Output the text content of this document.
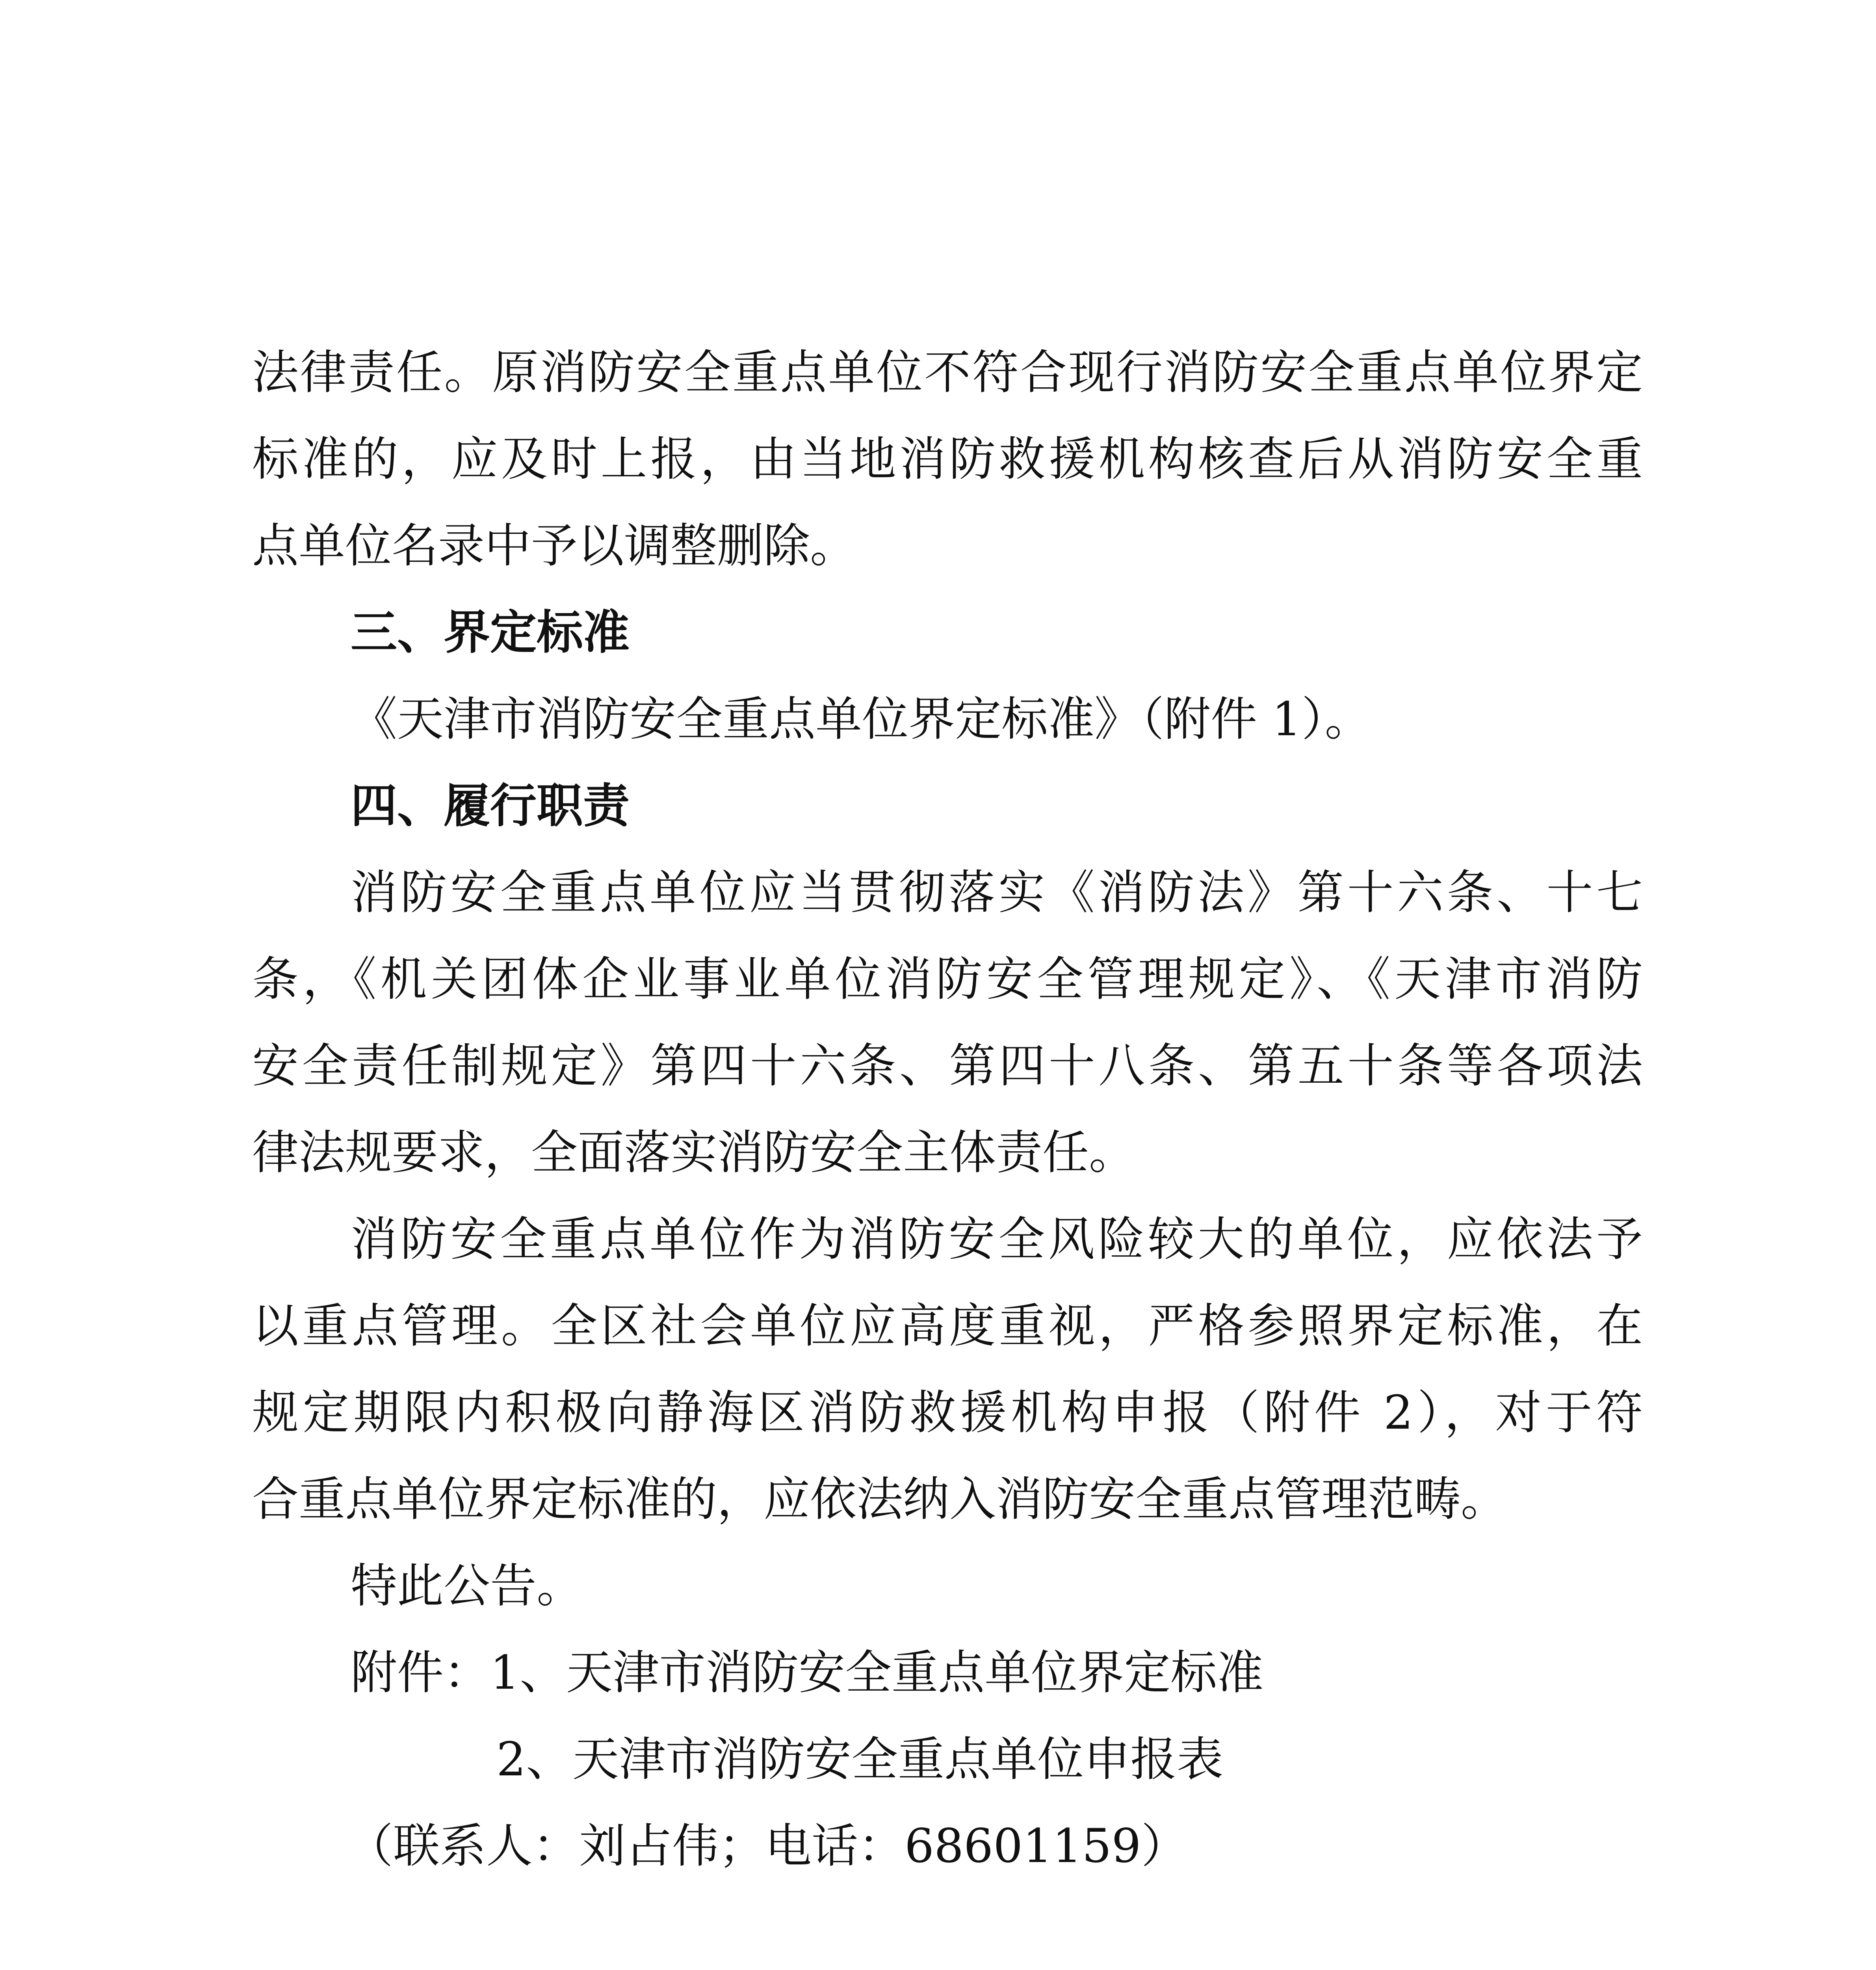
法律责任。原消防安全重点单位不符合现行消防安全重点单位界定
标准的，应及时上报，由当地消防救援机构核查后从消防安全重
点单位名录中予以调整删除。
三、界定标准
《天津市消防安全重点单位界定标准》（附件 1）。
四、履行职责
消防安全重点单位应当贯彻落实《消防法》第十六条、十七
条，《机关团体企业事业单位消防安全管理规定》、《天津市消防
安全责任制规定》第四十六条、第四十八条、第五十条等各项法
律法规要求，全面落实消防安全主体责任。
消防安全重点单位作为消防安全风险较大的单位，应依法予
以重点管理。全区社会单位应高度重视，严格参照界定标准，在
规定期限内积极向静海区消防救援机构申报（附件 2），对于符
合重点单位界定标准的，应依法纳入消防安全重点管理范畴。
特此公告。
附件：1、天津市消防安全重点单位界定标准
2、天津市消防安全重点单位申报表
（联系人：刘占伟；电话：68601159）
